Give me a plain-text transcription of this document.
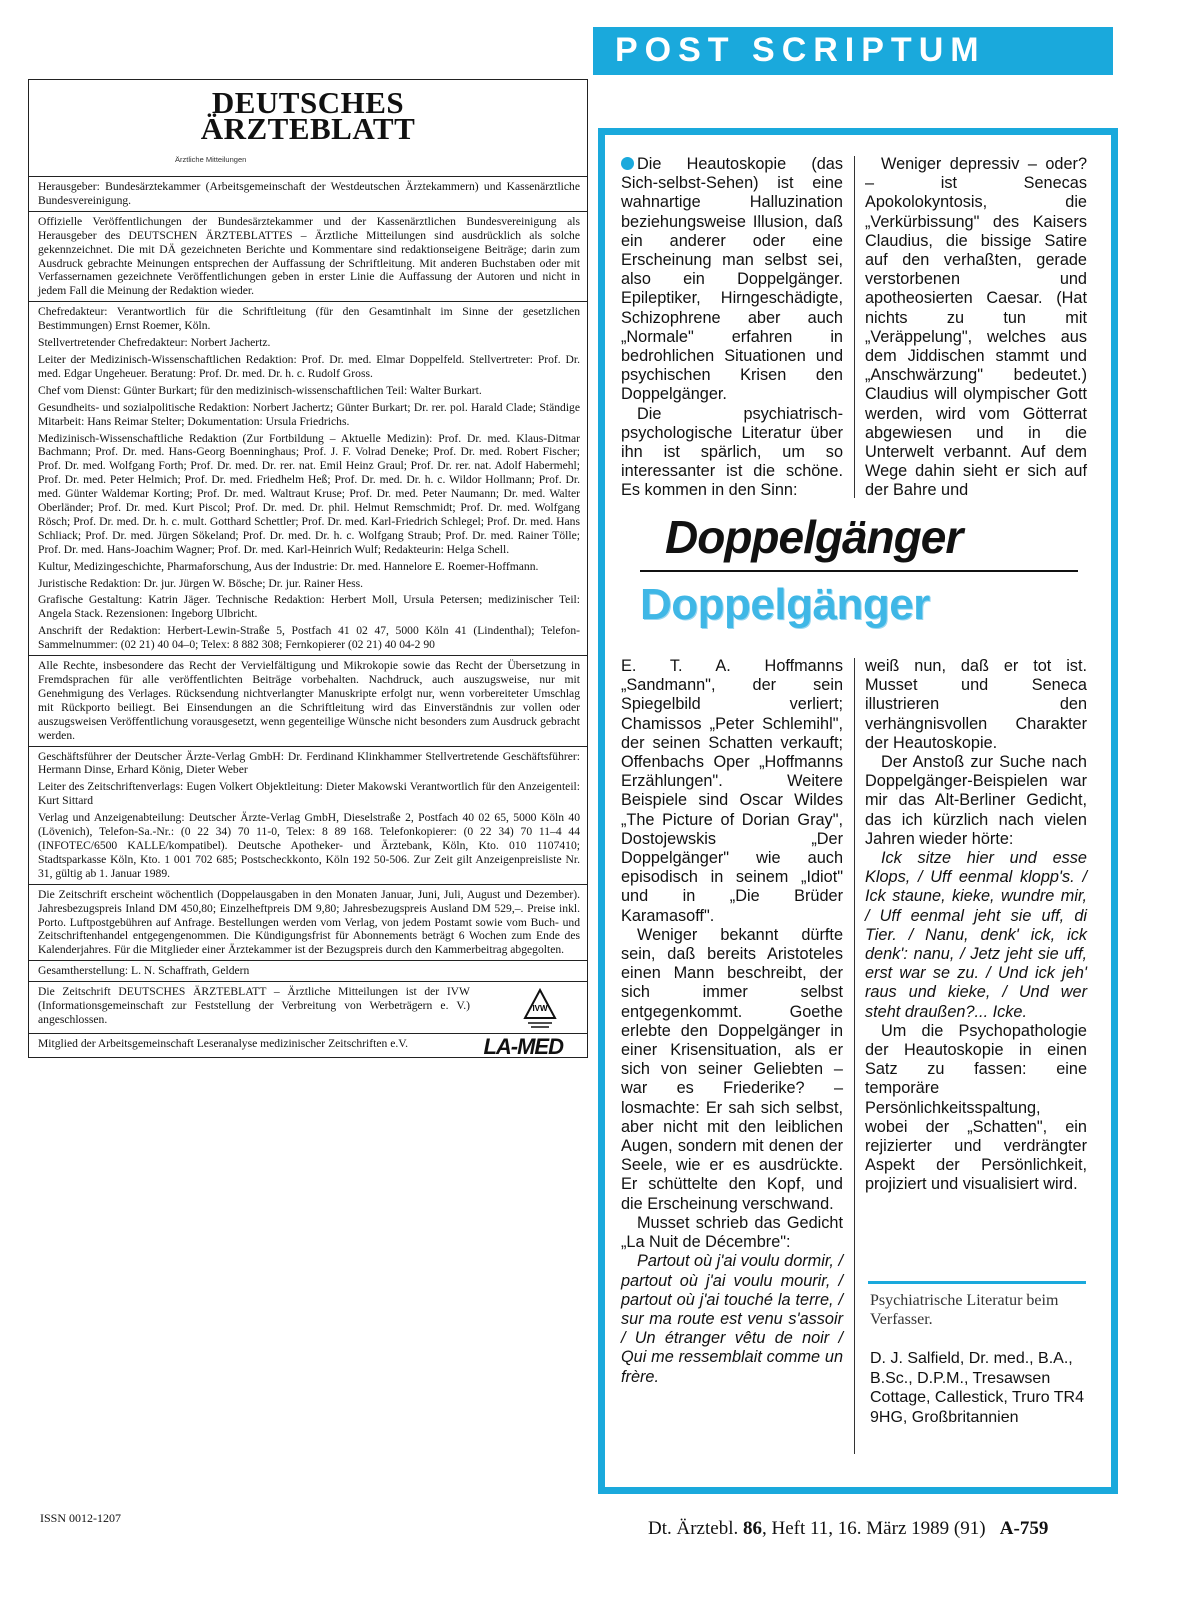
DEUTSCHES
ÄRZTEBLATT
Ärztliche Mitteilungen

Herausgeber: Bundesärztekammer (Arbeitsgemeinschaft der Westdeutschen Ärztekammern) und Kassenärztliche Bundesvereinigung.

Offizielle Veröffentlichungen der Bundesärztekammer und der Kassenärztlichen Bundesvereinigung als Herausgeber des DEUTSCHEN ÄRZTEBLATTES – Ärztliche Mitteilungen sind ausdrücklich als solche gekennzeichnet. Die mit DÄ gezeichneten Berichte und Kommentare sind redaktionseigene Beiträge; darin zum Ausdruck gebrachte Meinungen entsprechen der Auffassung der Schriftleitung. Mit anderen Buchstaben oder mit Verfassernamen gezeichnete Veröffentlichungen geben in erster Linie die Auffassung der Autoren und nicht in jedem Fall die Meinung der Redaktion wieder.

Chefredakteur: Verantwortlich für die Schriftleitung (für den Gesamtinhalt im Sinne der gesetzlichen Bestimmungen) Ernst Roemer, Köln.

Stellvertretender Chefredakteur: Norbert Jachertz.

Leiter der Medizinisch-Wissenschaftlichen Redaktion: Prof. Dr. med. Elmar Doppelfeld. Stellvertreter: Prof. Dr. med. Edgar Ungeheuer. Beratung: Prof. Dr. med. Dr. h. c. Rudolf Gross.

Chef vom Dienst: Günter Burkart; für den medizinisch-wissenschaftlichen Teil: Walter Burkart.

Gesundheits- und sozialpolitische Redaktion: Norbert Jachertz; Günter Burkart; Dr. rer. pol. Harald Clade; Ständige Mitarbeit: Hans Reimar Stelter; Dokumentation: Ursula Friedrichs.

Medizinisch-Wissenschaftliche Redaktion (Zur Fortbildung – Aktuelle Medizin): Prof. Dr. med. Klaus-Ditmar Bachmann; Prof. Dr. med. Hans-Georg Boenninghaus; Prof. J. F. Volrad Deneke; Prof. Dr. med. Robert Fischer; Prof. Dr. med. Wolfgang Forth; Prof. Dr. med. Dr. rer. nat. Emil Heinz Graul; Prof. Dr. rer. nat. Adolf Habermehl; Prof. Dr. med. Peter Helmich; Prof. Dr. med. Friedhelm Heß; Prof. Dr. med. Dr. h. c. Wildor Hollmann; Prof. Dr. med. Günter Waldemar Korting; Prof. Dr. med. Waltraut Kruse; Prof. Dr. med. Peter Naumann; Dr. med. Walter Oberländer; Prof. Dr. med. Kurt Piscol; Prof. Dr. med. Dr. phil. Helmut Remschmidt; Prof. Dr. med. Wolfgang Rösch; Prof. Dr. med. Dr. h. c. mult. Gotthard Schettler; Prof. Dr. med. Karl-Friedrich Schlegel; Prof. Dr. med. Hans Schliack; Prof. Dr. med. Jürgen Sökeland; Prof. Dr. med. Dr. h. c. Wolfgang Straub; Prof. Dr. med. Rainer Tölle; Prof. Dr. med. Hans-Joachim Wagner; Prof. Dr. med. Karl-Heinrich Wulf; Redakteurin: Helga Schell.

Kultur, Medizingeschichte, Pharmaforschung, Aus der Industrie: Dr. med. Hannelore E. Roemer-Hoffmann.

Juristische Redaktion: Dr. jur. Jürgen W. Bösche; Dr. jur. Rainer Hess.

Grafische Gestaltung: Katrin Jäger. Technische Redaktion: Herbert Moll, Ursula Petersen; medizinischer Teil: Angela Stack. Rezensionen: Ingeborg Ulbricht.

Anschrift der Redaktion: Herbert-Lewin-Straße 5, Postfach 41 02 47, 5000 Köln 41 (Lindenthal); Telefon-Sammelnummer: (02 21) 40 04–0; Telex: 8 882 308; Fernkopierer (02 21) 40 04-2 90

Alle Rechte, insbesondere das Recht der Vervielfältigung und Mikrokopie sowie das Recht der Übersetzung in Fremdsprachen für alle veröffentlichten Beiträge vorbehalten. Nachdruck, auch auszugsweise, nur mit Genehmigung des Verlages. Rücksendung nichtverlangter Manuskripte erfolgt nur, wenn vorbereiteter Umschlag mit Rückporto beiliegt. Bei Einsendungen an die Schriftleitung wird das Einverständnis zur vollen oder auszugsweisen Veröffentlichung vorausgesetzt, wenn gegenteilige Wünsche nicht besonders zum Ausdruck gebracht werden.

Geschäftsführer der Deutscher Ärzte-Verlag GmbH: Dr. Ferdinand Klinkhammer Stellvertretende Geschäftsführer: Hermann Dinse, Erhard König, Dieter Weber

Leiter des Zeitschriftenverlags: Eugen Volkert Objektleitung: Dieter Makowski Verantwortlich für den Anzeigenteil: Kurt Sittard

Verlag und Anzeigenabteilung: Deutscher Ärzte-Verlag GmbH, Dieselstraße 2, Postfach 40 02 65, 5000 Köln 40 (Lövenich), Telefon-Sa.-Nr.: (0 22 34) 70 11-0, Telex: 8 89 168. Telefonkopierer: (0 22 34) 70 11–4 44 (INFOTEC/6500 KALLE/kompatibel). Deutsche Apotheker- und Ärztebank, Köln, Kto. 010 1107410; Stadtsparkasse Köln, Kto. 1 001 702 685; Postscheckkonto, Köln 192 50-506. Zur Zeit gilt Anzeigenpreisliste Nr. 31, gültig ab 1. Januar 1989.

Die Zeitschrift erscheint wöchentlich (Doppelausgaben in den Monaten Januar, Juni, Juli, August und Dezember). Jahresbezugspreis Inland DM 450,80; Einzelheftpreis DM 9,80; Jahresbezugspreis Ausland DM 529,–. Preise inkl. Porto. Luftpostgebühren auf Anfrage. Bestellungen werden vom Verlag, von jedem Postamt sowie vom Buch- und Zeitschriftenhandel entgegengenommen. Die Kündigungsfrist für Abonnements beträgt 6 Wochen zum Ende des Kalenderjahres. Für die Mitglieder einer Ärztekammer ist der Bezugspreis durch den Kammerbeitrag abgegolten.

Gesamtherstellung: L. N. Schaffrath, Geldern

Die Zeitschrift DEUTSCHES ÄRZTEBLATT – Ärztliche Mitteilungen ist der IVW (Informationsgemeinschaft zur Feststellung der Verbreitung von Werbeträgern e. V.) angeschlossen.

IVW

Mitglied der Arbeitsgemeinschaft Leseranalyse medizinischer Zeitschriften e.V.	LA-MED
ISSN 0012-1207
POST SCRIPTUM

Die Heautoskopie (das Sich-selbst-Sehen) ist eine wahnartige Halluzination beziehungsweise Illusion, daß ein anderer oder eine Erscheinung man selbst sei, also ein Doppelgänger. Epileptiker, Hirngeschädigte, Schizophrene aber auch „Normale" erfahren in bedrohlichen Situationen und psychischen Krisen den Doppelgänger.

Die psychiatrisch-psychologische Literatur über ihn ist spärlich, um so interessanter ist die schöne. Es kommen in den Sinn:

Weniger depressiv – oder? – ist Senecas Apokolokyntosis, die „Verkürbissung" des Kaisers Claudius, die bissige Satire auf den verhaßten, gerade verstorbenen und apotheosierten Caesar. (Hat nichts zu tun mit „Veräppelung", welches aus dem Jiddischen stammt und „Anschwärzung" bedeutet.) Claudius will olympischer Gott werden, wird vom Götterrat abgewiesen und in die Unterwelt verbannt. Auf dem Wege dahin sieht er sich auf der Bahre und

Doppelgänger
Doppelgänger

E. T. A. Hoffmanns „Sandmann", der sein Spiegelbild verliert; Chamissos „Peter Schlemihl", der seinen Schatten verkauft; Offenbachs Oper „Hoffmanns Erzählungen". Weitere Beispiele sind Oscar Wildes „The Picture of Dorian Gray", Dostojewskis „Der Doppelgänger" wie auch episodisch in seinem „Idiot" und in „Die Brüder Karamasoff".

Weniger bekannt dürfte sein, daß bereits Aristoteles einen Mann beschreibt, der sich immer selbst entgegenkommt. Goethe erlebte den Doppelgänger in einer Krisensituation, als er sich von seiner Geliebten – war es Friederike? – losmachte: Er sah sich selbst, aber nicht mit den leiblichen Augen, sondern mit denen der Seele, wie er es ausdrückte. Er schüttelte den Kopf, und die Erscheinung verschwand.

Musset schrieb das Gedicht „La Nuit de Décembre":

Partout où j'ai voulu dormir, / partout où j'ai voulu mourir, / partout où j'ai touché la terre, / sur ma route est venu s'assoir / Un étranger vêtu de noir / Qui me ressemblait comme un frère.

weiß nun, daß er tot ist. Musset und Seneca illustrieren den verhängnisvollen Charakter der Heautoskopie.

Der Anstoß zur Suche nach Doppelgänger-Beispielen war mir das Alt-Berliner Gedicht, das ich kürzlich nach vielen Jahren wieder hörte:

Ick sitze hier und esse Klops, / Uff eenmal klopp's. / Ick staune, kieke, wundre mir, / Uff eenmal jeht sie uff, di Tier. / Nanu, denk' ick, ick denk': nanu, / Jetz jeht sie uff, erst war se zu. / Und ick jeh' raus und kieke, / Und wer steht draußen?... Icke.

Um die Psychopathologie der Heautoskopie in einen Satz zu fassen: eine temporäre Persönlichkeitsspaltung, wobei der „Schatten", ein rejizierter und verdrängter Aspekt der Persönlichkeit, projiziert und visualisiert wird.

Psychiatrische Literatur beim Verfasser.
D. J. Salfield, Dr. med., B.A., B.Sc., D.P.M., Tresawsen Cottage, Callestick, Truro TR4 9HG, Großbritannien
Dt. Ärztebl. 86, Heft 11, 16. März 1989 (91) A-759
